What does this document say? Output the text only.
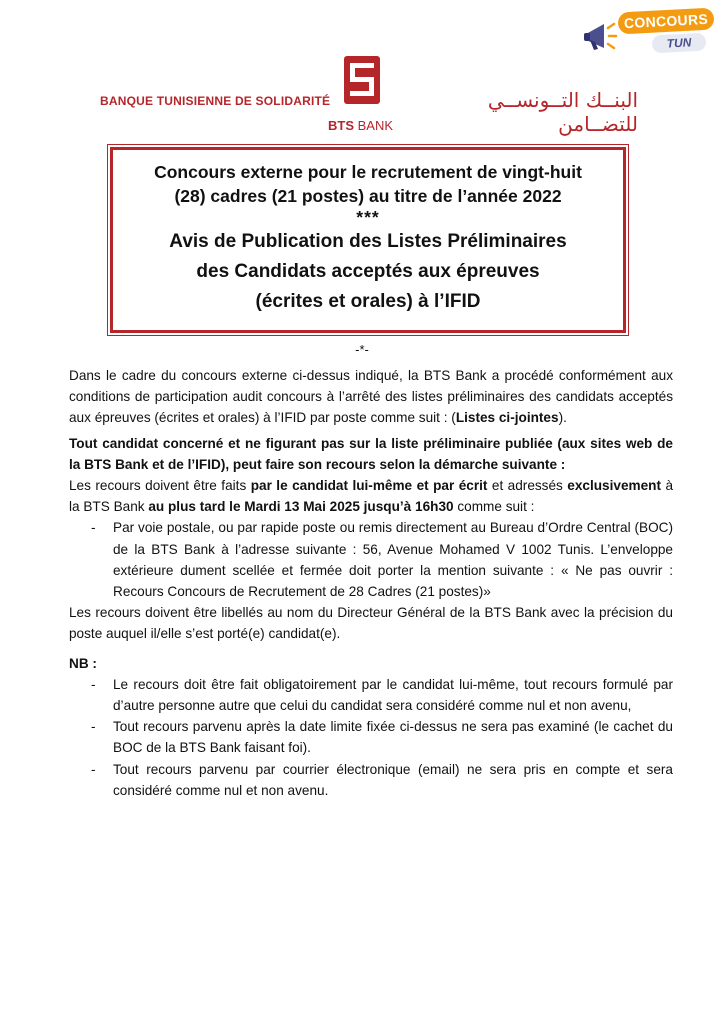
CONCOURS
TUN
BANQUE TUNISIENNE DE SOLIDARITÉ
BTS BANK
البنــك التــونســي للتضــامن
Concours externe pour le recrutement de vingt-huit
(28) cadres (21 postes) au titre de l’année 2022
***
Avis de Publication des Listes Préliminaires
des Candidats acceptés aux épreuves
(écrites et orales) à l’IFID
-*-

Dans le cadre du concours externe ci-dessus indiqué, la BTS Bank a procédé conformément aux conditions de participation audit concours à l’arrêté des listes préliminaires des candidats acceptés aux épreuves (écrites et orales) à l’IFID par poste comme suit : (Listes ci-jointes).

Tout candidat concerné et ne figurant pas sur la liste préliminaire publiée (aux sites web de la BTS Bank et de l’IFID), peut faire son recours selon la démarche suivante :

Les recours doivent être faits par le candidat lui-même et par écrit et adressés exclusivement à la BTS Bank au plus tard le Mardi 13 Mai 2025 jusqu’à 16h30 comme suit :

- Par voie postale, ou par rapide poste ou remis directement au Bureau d’Ordre Central (BOC) de la BTS Bank à l’adresse suivante : 56, Avenue Mohamed V 1002 Tunis. L’enveloppe extérieure dument scellée et fermée doit porter la mention suivante : « Ne pas ouvrir : Recours Concours de Recrutement de 28 Cadres (21 postes)»

Les recours doivent être libellés au nom du Directeur Général de la BTS Bank avec la précision du poste auquel il/elle s’est porté(e) candidat(e).

NB :

- Le recours doit être fait obligatoirement par le candidat lui-même, tout recours formulé par d’autre personne autre que celui du candidat sera considéré comme nul et non avenu,
- Tout recours parvenu après la date limite fixée ci-dessus ne sera pas examiné (le cachet du BOC de la BTS Bank faisant foi).
- Tout recours parvenu par courrier électronique (email) ne sera pris en compte et sera considéré comme nul et non avenu.
